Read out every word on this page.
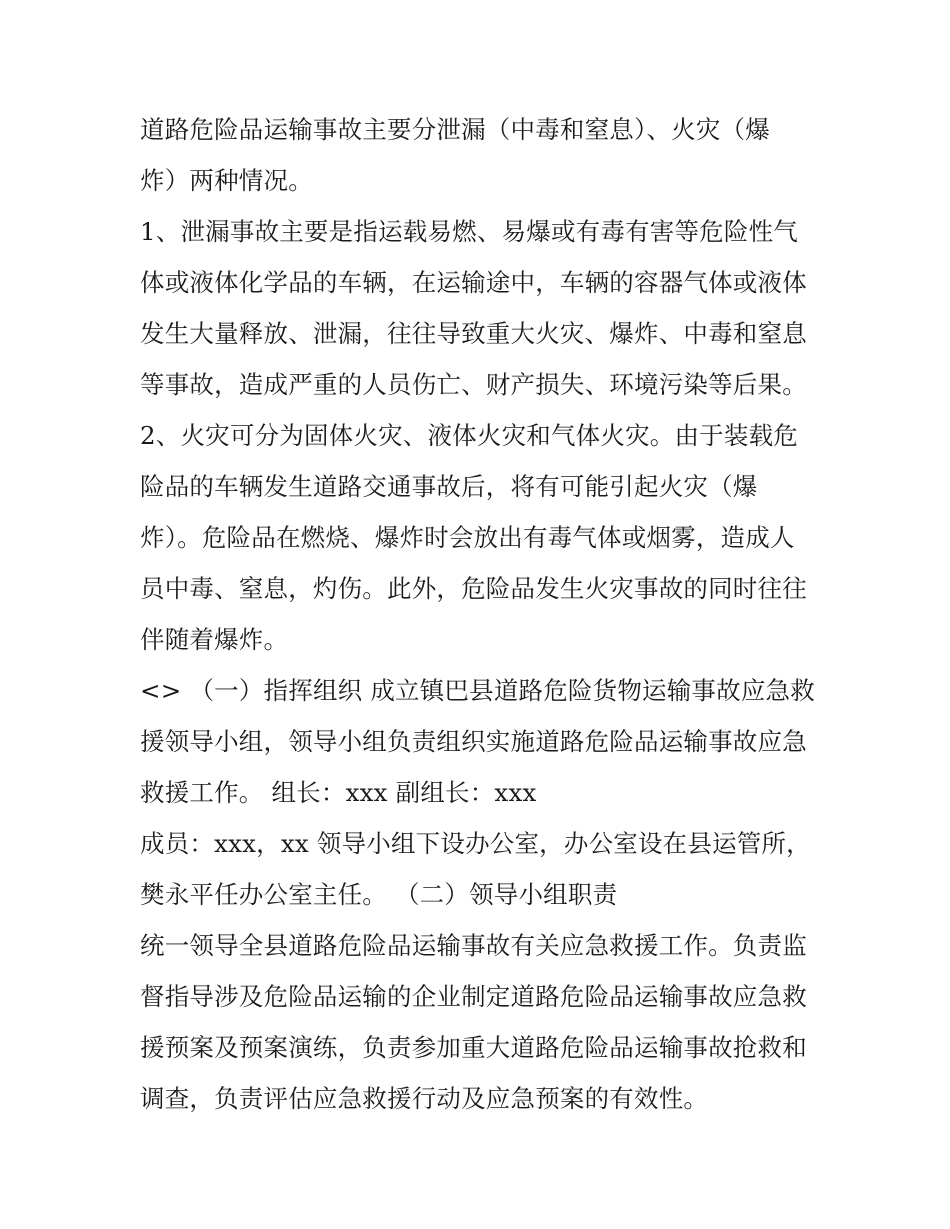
道路危险品运输事故主要分泄漏（中毒和窒息）、火灾（爆
炸）两种情况。
1、泄漏事故主要是指运载易燃、易爆或有毒有害等危险性气
体或液体化学品的车辆，在运输途中，车辆的容器气体或液体
发生大量释放、泄漏，往往导致重大火灾、爆炸、中毒和窒息
等事故，造成严重的人员伤亡、财产损失、环境污染等后果。
2、火灾可分为固体火灾、液体火灾和气体火灾。由于装载危
险品的车辆发生道路交通事故后，将有可能引起火灾（爆
炸）。危险品在燃烧、爆炸时会放出有毒气体或烟雾，造成人
员中毒、窒息，灼伤。此外，危险品发生火灾事故的同时往往
伴随着爆炸。
<> （一）指挥组织 成立镇巴县道路危险货物运输事故应急救
援领导小组，领导小组负责组织实施道路危险品运输事故应急
救援工作。 组长：xxx 副组长：xxx
成员：xxx，xx 领导小组下设办公室，办公室设在县运管所，
樊永平任办公室主任。 （二）领导小组职责
统一领导全县道路危险品运输事故有关应急救援工作。负责监
督指导涉及危险品运输的企业制定道路危险品运输事故应急救
援预案及预案演练，负责参加重大道路危险品运输事故抢救和
调查，负责评估应急救援行动及应急预案的有效性。
